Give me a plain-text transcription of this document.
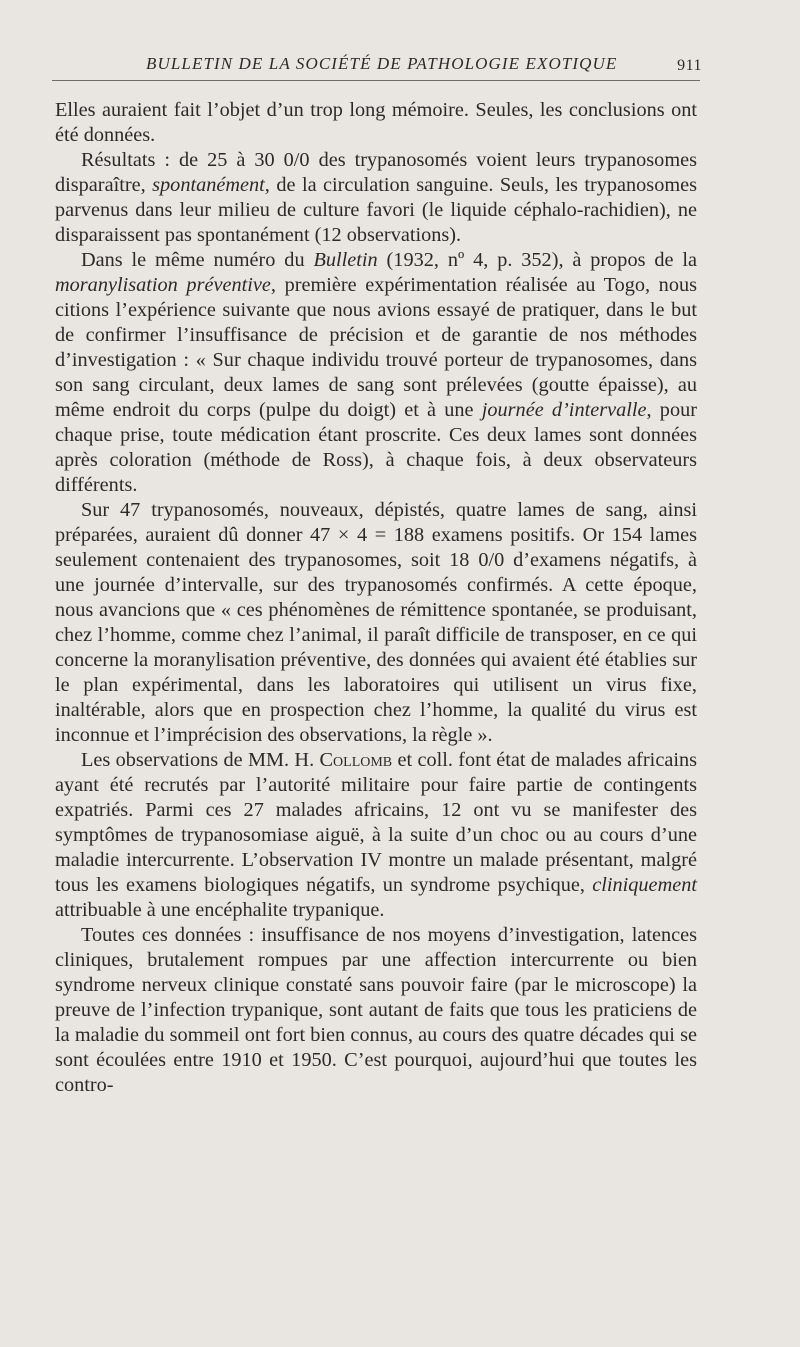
BULLETIN DE LA SOCIÉTÉ DE PATHOLOGIE EXOTIQUE	911

Elles auraient fait l’objet d’un trop long mémoire. Seules, les conclusions ont été données.

Résultats : de 25 à 30 0/0 des trypanosomés voient leurs trypanosomes disparaître, spontanément, de la circulation sanguine. Seuls, les trypanosomes parvenus dans leur milieu de culture favori (le liquide céphalo-rachidien), ne disparaissent pas spontanément (12 observations).

Dans le même numéro du Bulletin (1932, nº 4, p. 352), à propos de la moranylisation préventive, première expérimentation réalisée au Togo, nous citions l’expérience suivante que nous avions essayé de pratiquer, dans le but de confirmer l’insuffisance de précision et de garantie de nos méthodes d’investigation : « Sur chaque individu trouvé porteur de trypanosomes, dans son sang circulant, deux lames de sang sont prélevées (goutte épaisse), au même endroit du corps (pulpe du doigt) et à une journée d’intervalle, pour chaque prise, toute médication étant proscrite. Ces deux lames sont données après coloration (méthode de Ross), à chaque fois, à deux observateurs différents.

Sur 47 trypanosomés, nouveaux, dépistés, quatre lames de sang, ainsi préparées, auraient dû donner 47 × 4 = 188 examens positifs. Or 154 lames seulement contenaient des trypanosomes, soit 18 0/0 d’examens négatifs, à une journée d’intervalle, sur des trypanosomés confirmés. A cette époque, nous avancions que « ces phénomènes de rémittence spontanée, se produisant, chez l’homme, comme chez l’animal, il paraît difficile de transposer, en ce qui concerne la moranylisation préventive, des données qui avaient été établies sur le plan expérimental, dans les laboratoires qui utilisent un virus fixe, inaltérable, alors que en prospection chez l’homme, la qualité du virus est inconnue et l’imprécision des observations, la règle ».

Les observations de MM. H. Collomb et coll. font état de malades africains ayant été recrutés par l’autorité militaire pour faire partie de contingents expatriés. Parmi ces 27 malades africains, 12 ont vu se manifester des symptômes de trypanosomiase aiguë, à la suite d’un choc ou au cours d’une maladie intercurrente. L’observation IV montre un malade présentant, malgré tous les examens biologiques négatifs, un syndrome psychique, cliniquement attribuable à une encéphalite trypanique.

Toutes ces données : insuffisance de nos moyens d’investigation, latences cliniques, brutalement rompues par une affection intercurrente ou bien syndrome nerveux clinique constaté sans pouvoir faire (par le microscope) la preuve de l’infection trypanique, sont autant de faits que tous les praticiens de la maladie du sommeil ont fort bien connus, au cours des quatre décades qui se sont écoulées entre 1910 et 1950. C’est pourquoi, aujourd’hui que toutes les contro-
